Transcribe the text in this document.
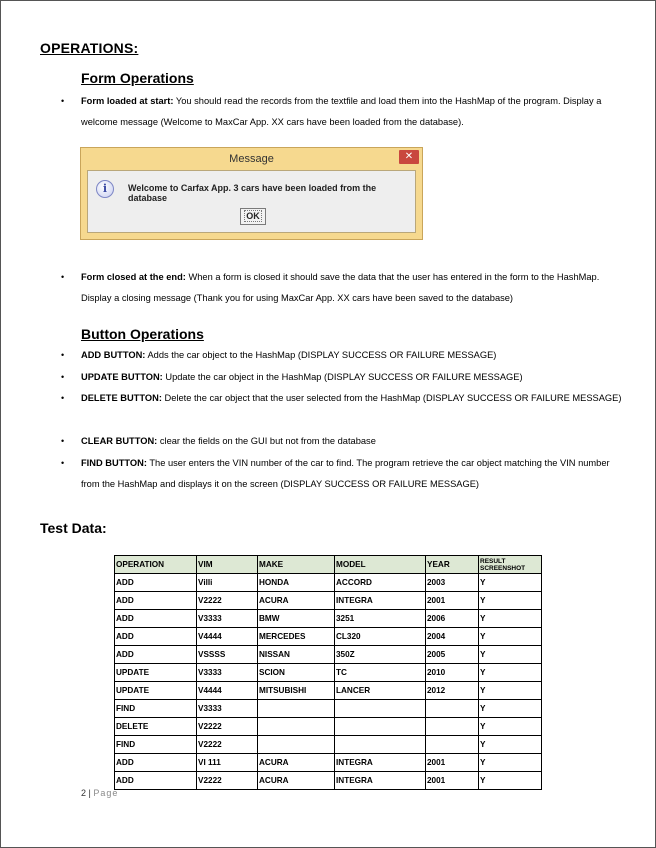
OPERATIONS:
Form Operations
• Form loaded at start: You should read the records from the textfile and load them into the HashMap of the program. Display a welcome message (Welcome to MaxCar App. XX cars have been loaded from the database).
Message	✕
i	Welcome to Carfax App. 3 cars have been loaded from the database
OK
• Form closed at the end: When a form is closed it should save the data that the user has entered in the form to the HashMap. Display a closing message (Thank you for using MaxCar App. XX cars have been saved to the database)
Button Operations
• ADD BUTTON: Adds the car object to the HashMap (DISPLAY SUCCESS OR FAILURE MESSAGE)
• UPDATE BUTTON: Update the car object in the HashMap (DISPLAY SUCCESS OR FAILURE MESSAGE)
• DELETE BUTTON: Delete the car object that the user selected from the HashMap (DISPLAY SUCCESS OR FAILURE MESSAGE)
• CLEAR BUTTON: clear the fields on the GUI but not from the database
• FIND BUTTON: The user enters the VIN number of the car to find. The program retrieve the car object matching the VIN number from the HashMap and displays it on the screen (DISPLAY SUCCESS OR FAILURE MESSAGE)
Test Data:
OPERATION	VIM	MAKE	MODEL	YEAR	RESULT SCREENSHOT
ADD	Villi	HONDA	ACCORD	2003	Y
ADD	V2222	ACURA	INTEGRA	2001	Y
ADD	V3333	BMW	3251	2006	Y
ADD	V4444	MERCEDES	CL320	2004	Y
ADD	VSSSS	NISSAN	350Z	2005	Y
UPDATE	V3333	SCION	TC	2010	Y
UPDATE	V4444	MITSUBISHI	LANCER	2012	Y
FIND	V3333				Y
DELETE	V2222				Y
FIND	V2222				Y
ADD	VI 111	ACURA	INTEGRA	2001	Y
ADD	V2222	ACURA	INTEGRA	2001	Y
2 | Page
